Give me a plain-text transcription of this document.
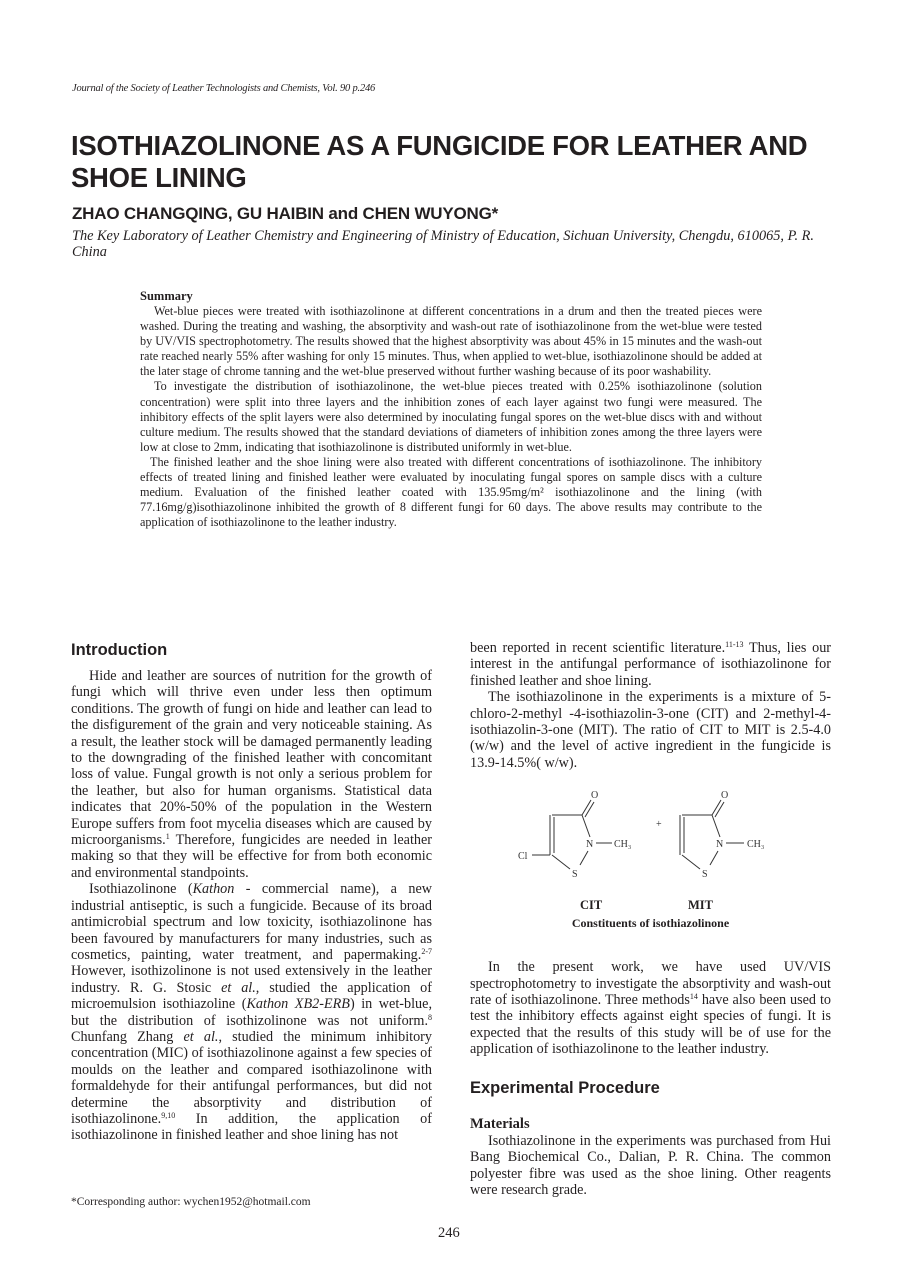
Journal of the Society of Leather Technologists and Chemists, Vol. 90 p.246
ISOTHIAZOLINONE AS A FUNGICIDE FOR LEATHER AND SHOE LINING
ZHAO CHANGQING, GU HAIBIN and CHEN WUYONG*
The Key Laboratory of Leather Chemistry and Engineering of Ministry of Education, Sichuan University, Chengdu, 610065, P. R. China
Summary

Wet-blue pieces were treated with isothiazolinone at different concentrations in a drum and then the treated pieces were washed. During the treating and washing, the absorptivity and wash-out rate of isothiazolinone from the wet-blue were tested by UV/VIS spectrophotometry. The results showed that the highest absorptivity was about 45% in 15 minutes and the wash-out rate reached nearly 55% after washing for only 15 minutes. Thus, when applied to wet-blue, isothiazolinone should be added at the later stage of chrome tanning and the wet-blue preserved without further washing because of its poor washability.

To investigate the distribution of isothiazolinone, the wet-blue pieces treated with 0.25% isothiazolinone (solution concentration) were split into three layers and the inhibition zones of each layer against two fungi were measured. The inhibitory effects of the split layers were also determined by inoculating fungal spores on the wet-blue discs with and without culture medium. The results showed that the standard deviations of diameters of inhibition zones among the three layers were low at close to 2mm, indicating that isothiazolinone is distributed uniformly in wet-blue.

The finished leather and the shoe lining were also treated with different concentrations of isothiazolinone. The inhibitory effects of treated lining and finished leather were evaluated by inoculating fungal spores on sample discs with a culture medium. Evaluation of the finished leather coated with 135.95mg/m² isothiazolinone and the lining (with 77.16mg/g)isothiazolinone inhibited the growth of 8 different fungi for 60 days. The above results may contribute to the application of isothiazolinone to the leather industry.

Introduction

Hide and leather are sources of nutrition for the growth of fungi which will thrive even under less then optimum conditions. The growth of fungi on hide and leather can lead to the disfigurement of the grain and very noticeable staining. As a result, the leather stock will be damaged permanently leading to the downgrading of the finished leather with concomitant loss of value. Fungal growth is not only a serious problem for the leather, but also for human organisms. Statistical data indicates that 20%-50% of the population in the Western Europe suffers from foot mycelia diseases which are caused by microorganisms.$^1$ Therefore, fungicides are needed in leather making so that they will be effective for from both economic and environmental standpoints.

Isothiazolinone (Kathon - commercial name), a new industrial antiseptic, is such a fungicide. Because of its broad antimicrobial spectrum and low toxicity, isothiazolinone has been favoured by manufacturers for many industries, such as cosmetics, painting, water treatment, and papermaking.$^{2-7}$ However, isothizolinone is not used extensively in the leather industry. R. G. Stosic et al., studied the application of microemulsion isothiazoline (Kathon XB2-ERB) in wet-blue, but the distribution of isothizolinone was not uniform.$^8$ Chunfang Zhang et al., studied the minimum inhibitory concentration (MIC) of isothiazolinone against a few species of moulds on the leather and compared isothiazolinone with formaldehyde for their antifungal performances, but did not determine the absorptivity and distribution of isothiazolinone.$^{9,10}$ In addition, the application of isothiazolinone in finished leather and shoe lining has not

been reported in recent scientific literature.$^{11-13}$ Thus, lies our interest in the antifungal performance of isothiazolinone for finished leather and shoe lining.

The isothiazolinone in the experiments is a mixture of 5-chloro-2-methyl -4-isothiazolin-3-one (CIT) and 2-methyl-4-isothiazolin-3-one (MIT). The ratio of CIT to MIT is 2.5-4.0 (w/w) and the level of active ingredient in the fungicide is 13.9-14.5%( w/w).

O
N CH₃
S
Cl
+
O
N CH₃
S
CIT	MIT
Constituents of isothiazolinone

In the present work, we have used UV/VIS spectrophotometry to investigate the absorptivity and wash-out rate of isothiazolinone. Three methods$^{14}$ have also been used to test the inhibitory effects against eight species of fungi. It is expected that the results of this study will be of use for the application of isothiazolinone to the leather industry.

Experimental Procedure
Materials

Isothiazolinone in the experiments was purchased from Hui Bang Biochemical Co., Dalian, P. R. China. The common polyester fibre was used as the shoe lining. Other reagents were research grade.

*Corresponding author: wychen1952@hotmail.com
246
